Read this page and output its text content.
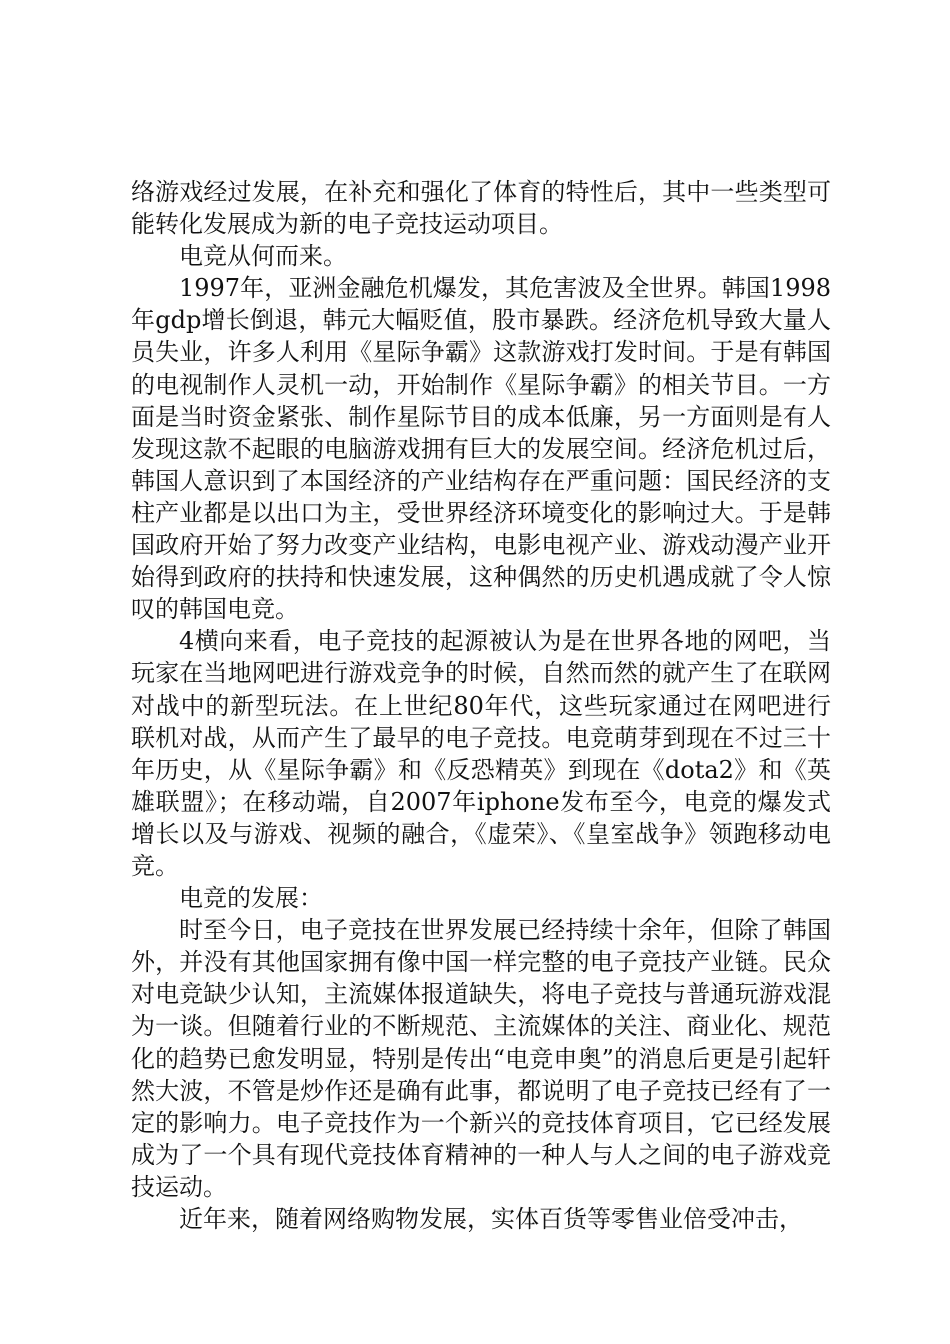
络游戏经过发展，在补充和强化了体育的特性后，其中一些类型可能转化发展成为新的电子竞技运动项目。

电竞从何而来。

1997年，亚洲金融危机爆发，其危害波及全世界。韩国1998年gdp增长倒退，韩元大幅贬值，股市暴跌。经济危机导致大量人员失业，许多人利用《星际争霸》这款游戏打发时间。于是有韩国的电视制作人灵机一动，开始制作《星际争霸》的相关节目。一方面是当时资金紧张、制作星际节目的成本低廉，另一方面则是有人发现这款不起眼的电脑游戏拥有巨大的发展空间。经济危机过后，韩国人意识到了本国经济的产业结构存在严重问题：国民经济的支柱产业都是以出口为主，受世界经济环境变化的影响过大。于是韩国政府开始了努力改变产业结构，电影电视产业、游戏动漫产业开始得到政府的扶持和快速发展，这种偶然的历史机遇成就了令人惊叹的韩国电竞。

4横向来看，电子竞技的起源被认为是在世界各地的网吧，当玩家在当地网吧进行游戏竞争的时候，自然而然的就产生了在联网对战中的新型玩法。在上世纪80年代，这些玩家通过在网吧进行联机对战，从而产生了最早的电子竞技。电竞萌芽到现在不过三十年历史，从《星际争霸》和《反恐精英》到现在《dota2》和《英雄联盟》；在移动端，自2007年iphone发布至今，电竞的爆发式增长以及与游戏、视频的融合，《虚荣》、《皇室战争》领跑移动电竞。

电竞的发展：

时至今日，电子竞技在世界发展已经持续十余年，但除了韩国外，并没有其他国家拥有像中国一样完整的电子竞技产业链。民众对电竞缺少认知，主流媒体报道缺失，将电子竞技与普通玩游戏混为一谈。但随着行业的不断规范、主流媒体的关注、商业化、规范化的趋势已愈发明显，特别是传出“电竞申奥”的消息后更是引起轩然大波，不管是炒作还是确有此事，都说明了电子竞技已经有了一定的影响力。电子竞技作为一个新兴的竞技体育项目，它已经发展成为了一个具有现代竞技体育精神的一种人与人之间的电子游戏竞技运动。

近年来，随着网络购物发展，实体百货等零售业倍受冲击，
